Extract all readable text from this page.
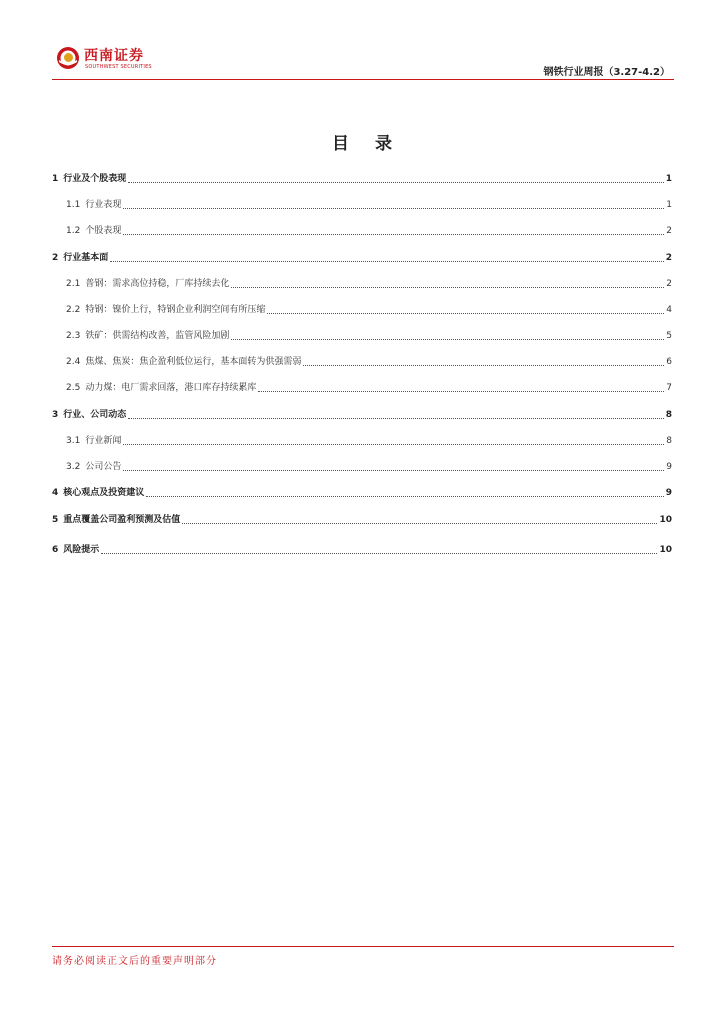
西南证券
SOUTHWEST SECURITIES	钢铁行业周报（3.27-4.2）
目 录
1 行业及个股表现	1
1.1 行业表现	1
1.2 个股表现	2
2 行业基本面	2
2.1 普钢：需求高位持稳，厂库持续去化	2
2.2 特钢：镍价上行，特钢企业利润空间有所压缩	4
2.3 铁矿：供需结构改善，监管风险加剧	5
2.4 焦煤、焦炭：焦企盈利低位运行，基本面转为供强需弱	6
2.5 动力煤：电厂需求回落，港口库存持续累库	7
3 行业、公司动态	8
3.1 行业新闻	8
3.2 公司公告	9
4 核心观点及投资建议	9
5 重点覆盖公司盈利预测及估值	10
6 风险提示	10
请务必阅读正文后的重要声明部分
